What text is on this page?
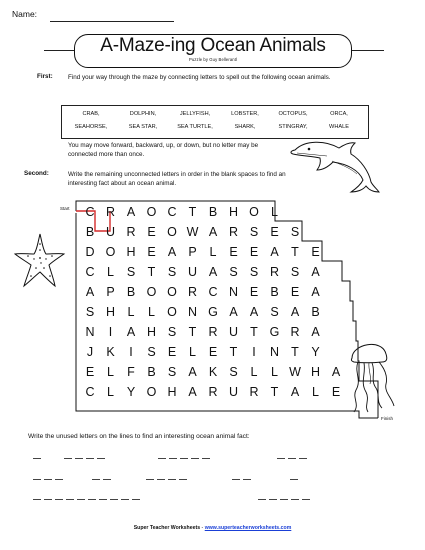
Name:
A-Maze-ing Ocean Animals
Puzzle by Guy Bellerantl
First: Find your way through the maze by connecting letters to spell out the following ocean animals.
CRAB,	DOLPHIN,	JELLYFISH,	LOBSTER,	OCTOPUS,	ORCA,
SEAHORSE,	SEA STAR,	SEA TURTLE,	SHARK,	STINGRAY,	WHALE
You may move forward, backward, up, or down, but no letter may be connected more than once.
Second:	Write the remaining unconnected letters in order in the blank spaces to find an interesting fact about an ocean animal.
Start
Finish
C R A O C T	B H O L
B U R E O W A R S E S
D O H E A P	L	E E A	T	E
C	L	S	T	S U A S S R S A
A P B O O R C N E B E A
S H	L	L O N G A A S A B
N	I	A H S	T R U T G R A
J	K	I	S E	L	E	T	I	N T	Y
E	L	F	B S A K S	L	L W H A
C	L	Y O H A R U R T	A	L	E
Write the unused letters on the lines to find an interesting ocean animal fact:
Super Teacher Worksheets - www.superteacherworksheets.com
